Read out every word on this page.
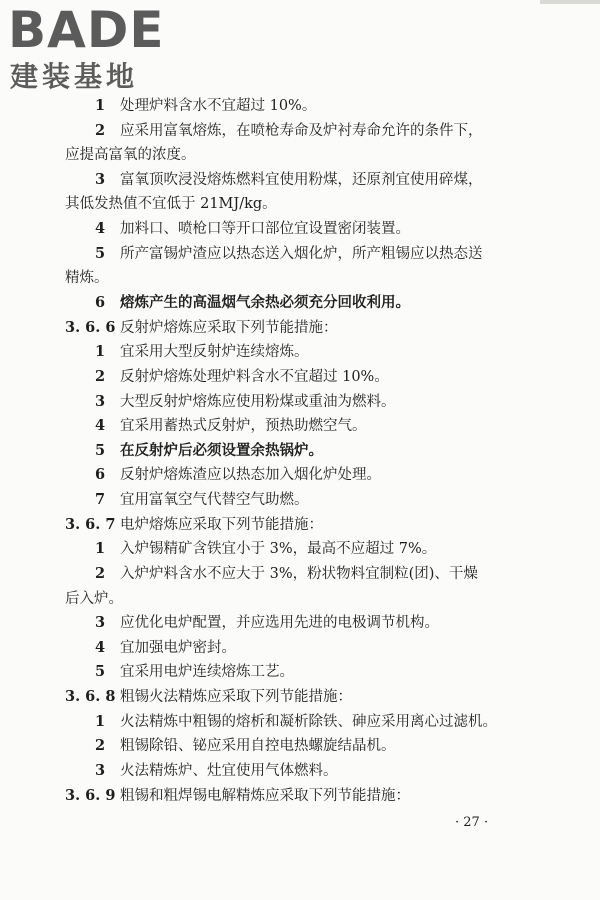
BADE
建装基地
1 处理炉料含水不宜超过 10%。
2 应采用富氧熔炼，在喷枪寿命及炉衬寿命允许的条件下，
应提高富氧的浓度。
3 富氧顶吹浸没熔炼燃料宜使用粉煤，还原剂宜使用碎煤，
其低发热值不宜低于 21MJ/kg。
4 加料口、喷枪口等开口部位宜设置密闭装置。
5 所产富锡炉渣应以热态送入烟化炉，所产粗锡应以热态送
精炼。
6 熔炼产生的高温烟气余热必须充分回收利用。
3. 6. 6 反射炉熔炼应采取下列节能措施：
1 宜采用大型反射炉连续熔炼。
2 反射炉熔炼处理炉料含水不宜超过 10%。
3 大型反射炉熔炼应使用粉煤或重油为燃料。
4 宜采用蓄热式反射炉，预热助燃空气。
5 在反射炉后必须设置余热锅炉。
6 反射炉熔炼渣应以热态加入烟化炉处理。
7 宜用富氧空气代替空气助燃。
3. 6. 7 电炉熔炼应采取下列节能措施：
1 入炉锡精矿含铁宜小于 3%，最高不应超过 7%。
2 入炉炉料含水不应大于 3%，粉状物料宜制粒(团)、干燥
后入炉。
3 应优化电炉配置，并应选用先进的电极调节机构。
4 宜加强电炉密封。
5 宜采用电炉连续熔炼工艺。
3. 6. 8 粗锡火法精炼应采取下列节能措施：
1 火法精炼中粗锡的熔析和凝析除铁、砷应采用离心过滤机。
2 粗锡除铅、铋应采用自控电热螺旋结晶机。
3 火法精炼炉、灶宜使用气体燃料。
3. 6. 9 粗锡和粗焊锡电解精炼应采取下列节能措施：
· 27 ·
